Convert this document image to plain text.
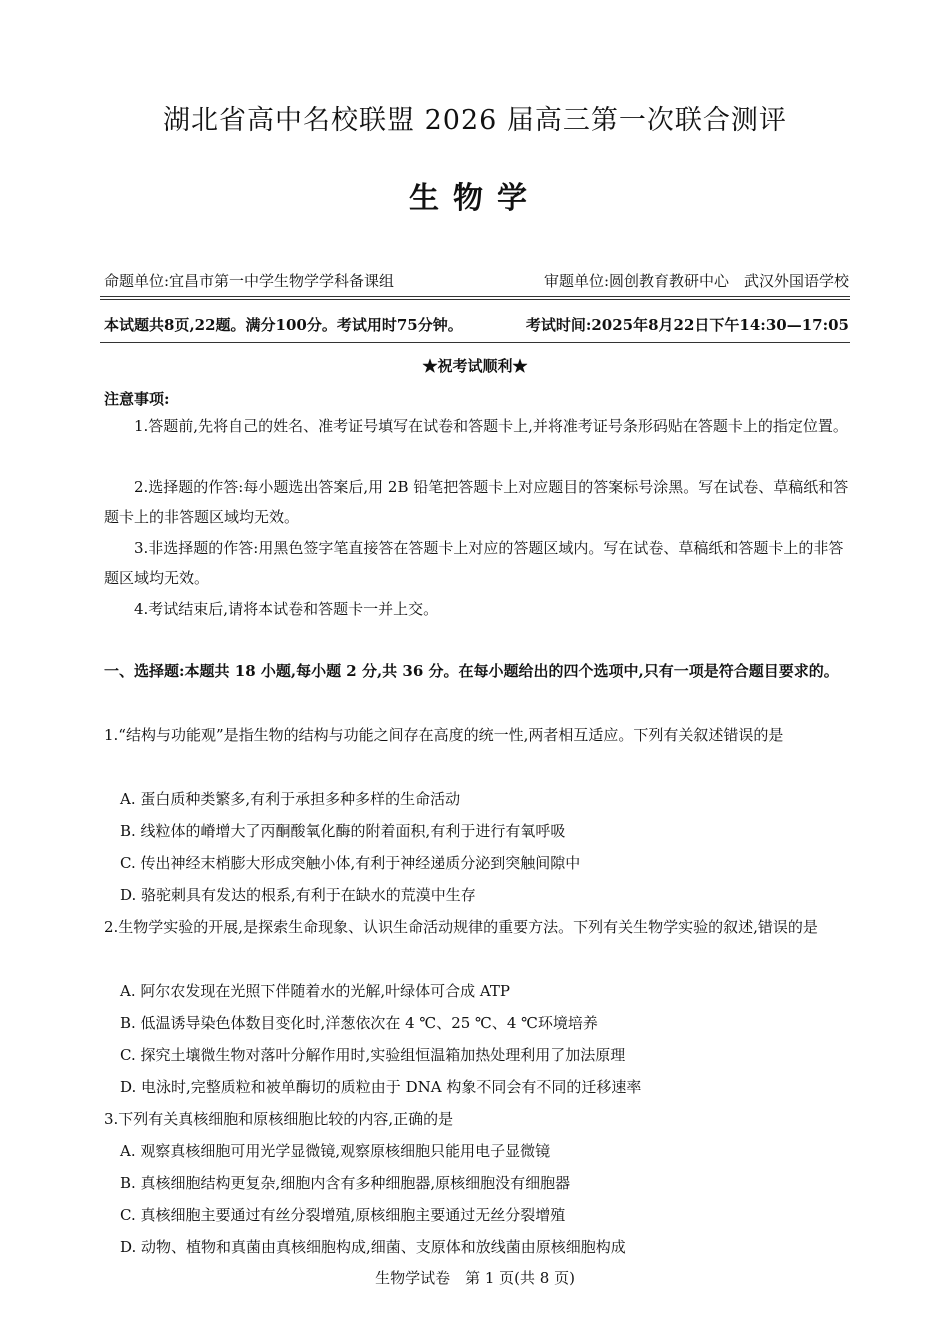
湖北省高中名校联盟 2026 届高三第一次联合测评
生物学
命题单位:宜昌市第一中学生物学学科备课组	审题单位:圆创教育教研中心　武汉外国语学校
本试题共8页,22题。满分100分。考试用时75分钟。	考试时间:2025年8月22日下午14:30—17:05
★祝考试顺利★
注意事项:

1.答题前,先将自己的姓名、准考证号填写在试卷和答题卡上,并将准考证号条形码贴在答题卡上的指定位置。

2.选择题的作答:每小题选出答案后,用 2B 铅笔把答题卡上对应题目的答案标号涂黑。写在试卷、草稿纸和答题卡上的非答题区域均无效。

3.非选择题的作答:用黑色签字笔直接答在答题卡上对应的答题区域内。写在试卷、草稿纸和答题卡上的非答题区域均无效。

4.考试结束后,请将本试卷和答题卡一并上交。

一、选择题:本题共 18 小题,每小题 2 分,共 36 分。在每小题给出的四个选项中,只有一项是符合题目要求的。

1.“结构与功能观”是指生物的结构与功能之间存在高度的统一性,两者相互适应。下列有关叙述错误的是

A. 蛋白质种类繁多,有利于承担多种多样的生命活动
B. 线粒体的嵴增大了丙酮酸氧化酶的附着面积,有利于进行有氧呼吸
C. 传出神经末梢膨大形成突触小体,有利于神经递质分泌到突触间隙中
D. 骆驼刺具有发达的根系,有利于在缺水的荒漠中生存

2.生物学实验的开展,是探索生命现象、认识生命活动规律的重要方法。下列有关生物学实验的叙述,错误的是

A. 阿尔农发现在光照下伴随着水的光解,叶绿体可合成 ATP
B. 低温诱导染色体数目变化时,洋葱依次在 4 ℃、25 ℃、4 ℃环境培养
C. 探究土壤微生物对落叶分解作用时,实验组恒温箱加热处理利用了加法原理
D. 电泳时,完整质粒和被单酶切的质粒由于 DNA 构象不同会有不同的迁移速率

3.下列有关真核细胞和原核细胞比较的内容,正确的是

A. 观察真核细胞可用光学显微镜,观察原核细胞只能用电子显微镜
B. 真核细胞结构更复杂,细胞内含有多种细胞器,原核细胞没有细胞器
C. 真核细胞主要通过有丝分裂增殖,原核细胞主要通过无丝分裂增殖
D. 动物、植物和真菌由真核细胞构成,细菌、支原体和放线菌由原核细胞构成
生物学试卷　第 1 页(共 8 页)
